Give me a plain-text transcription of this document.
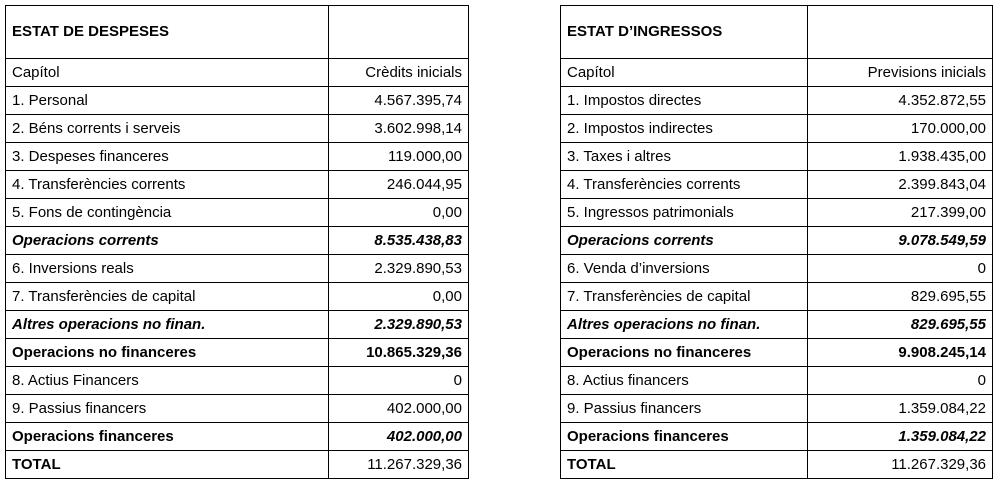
ESTAT DE DESPESES	
Capítol	Crèdits inicials
1. Personal	4.567.395,74
2. Béns corrents i serveis	3.602.998,14
3. Despeses financeres	119.000,00
4. Transferències corrents	246.044,95
5. Fons de contingència	0,00
Operacions corrents	8.535.438,83
6. Inversions reals	2.329.890,53
7. Transferències de capital	0,00
Altres operacions no finan.	2.329.890,53
Operacions no financeres	10.865.329,36
8. Actius Financers	0
9. Passius financers	402.000,00
Operacions financeres	402.000,00
TOTAL	11.267.329,36
ESTAT D’INGRESSOS	
Capítol	Previsions inicials
1. Impostos directes	4.352.872,55
2. Impostos indirectes	170.000,00
3. Taxes i altres	1.938.435,00
4. Transferències corrents	2.399.843,04
5. Ingressos patrimonials	217.399,00
Operacions corrents	9.078.549,59
6. Venda d’inversions	0
7. Transferències de capital	829.695,55
Altres operacions no finan.	829.695,55
Operacions no financeres	9.908.245,14
8. Actius financers	0
9. Passius financers	1.359.084,22
Operacions financeres	1.359.084,22
TOTAL	11.267.329,36
